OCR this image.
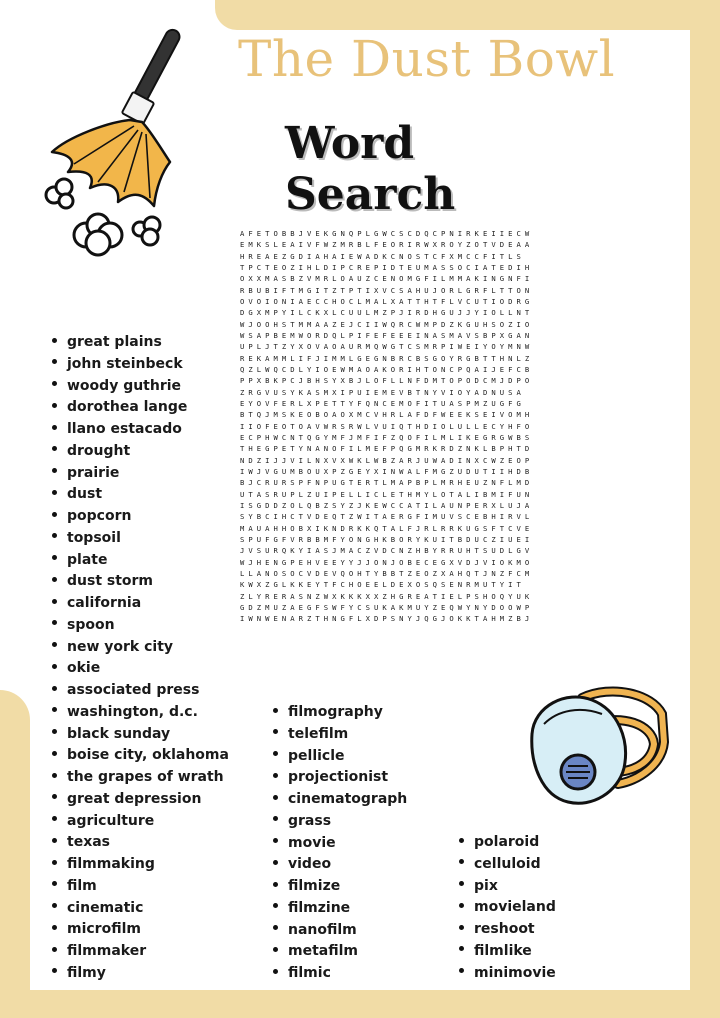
The Dust Bowl
Word Search
AFETOBBJVEKGNQPLGWCSCDQCPNIRKEIIECW
EMKSLEAIVFWZMRBLFEORIRWXROYZOTVDEAA
HREAEZGDIAHAIEWADKCNOSTCFXMCCFITLS
TPCTEOZIHLDIPCREPIDTEUMASSOCIATEDIH
OXXMASBZVMRLOAUZCENOMGFILMMAKINGNFI
RBUBIFTMGITZTPTIXVCSAHUJORLGRFLTTON
OVOIONIAECCHOCLMALXATTHTFLVCUTIODRG
DGXMPYILCKXLCUULMZPJIRDHGUJJYIOLLNT
WJOOHSTMMAAZEJCIIWQRCWMPDZKGUHSOZIO
WSAPBEMWORDQLPIFEFEEEINASMAVSBPXGAN
UPLJTZYXOVAOAURMQWGTCSMRPIWEIYOYMNW
REKAMMLIFJIMMLGEGNBRCBSGOYRGBTTHNLZ
QZLWQCDLYIOEWMAOAKORIHTONCPQAIJEFCB
PPXBKPCJBHSYXBJLOFLLNFDMTOPODCMJDPO
ZRGVUSYKASMXIPUIEMEVBTNYVIOYADNUSA
EYOVFERLXPETTYFQNCEMOFITUASPMZUGFG
BTQJMSKEOBOAOXMCVHRLAFDFWEEKSEIVOMH
IIOFEOTOAVWRSRWLVUIQTHDIOLULLECYHFO
ECPHWCNTQGYMFJMFIFZQOFILMLIKEGRGWBS
THEGPETYNANOFILMEFPQGMRKRDZNKLBPHTD
NDZIJJVILNXVXWKLWBZARJUWADINXCWZEOP
IWJVGUMBOUXPZGEYXINWALFMGZUDUTIIHDB
BJCRURSPFNPUGTERTLMAPBPLMRHEUZNFLMD
UTASRUPLZUIPELLICLETHMYLOTALIBMIFUN
ISGDDZOLQBZSYZJKEWCCATILAUNPERXLUJA
SYBCIHCTVDEQTZWITAERGFIMUVSCEBHIRVL
MAUAHHOBXIKNDRKKQTALFJRLRRKUGSFTCVE
SPUFGFVRBBMFYONGHKBORYKUITBDUCZIUEI
JVSURQKYIASJMACZVDCNZHBYRRUHTSUDLGV
WJHENGPEHVEEYYJJONJOBECEGXVDJVIOKMO
LLANOSOCVDEVQOHTYBBTZEOZXAHQTJNZFCM
KWXZGLKKEYTFCHOEELDEXOSQSENRMUTYIT
ZLYRERASNZWXKKKXXZHGREATIELPSHOQYUK
GDZMUZAEGFSWFYCSUKAKMUYZEQWYNYDOOWP
IWNWENARZTHNGFLXDPSNYJQGJOKKTAHMZBJ
great plains
john steinbeck
woody guthrie
dorothea lange
llano estacado
drought
prairie
dust
popcorn
topsoil
plate
dust storm
california
spoon
new york city
okie
associated press
washington, d.c.
black sunday
boise city, oklahoma
the grapes of wrath
great depression
agriculture
texas
filmmaking
film
cinematic
microfilm
filmmaker
filmy
filmography
telefilm
pellicle
projectionist
cinematograph
grass
movie
video
filmize
filmzine
nanofilm
metafilm
filmic
polaroid
celluloid
pix
movieland
reshoot
filmlike
minimovie
